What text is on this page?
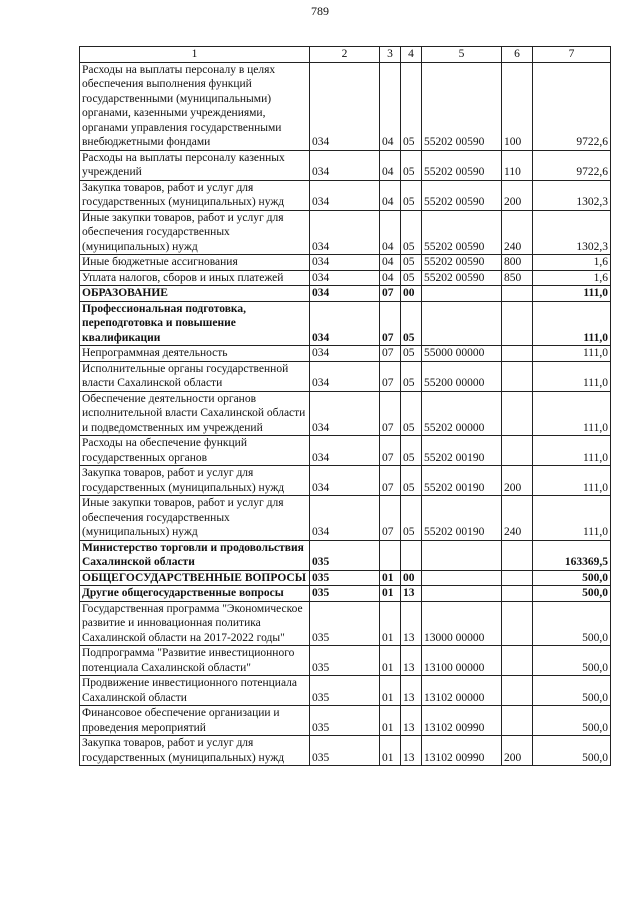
789
1	2	3	4	5	6	7
Расходы на выплаты персоналу в целях обеспечения выполнения функций государственными (муниципальными) органами, казенными учреждениями, органами управления государственными внебюджетными фондами	034	04	05	55202 00590	100	9722,6
Расходы на выплаты персоналу казенных учреждений	034	04	05	55202 00590	110	9722,6
Закупка товаров, работ и услуг для государственных (муниципальных) нужд	034	04	05	55202 00590	200	1302,3
Иные закупки товаров, работ и услуг для обеспечения государственных (муниципальных) нужд	034	04	05	55202 00590	240	1302,3
Иные бюджетные ассигнования	034	04	05	55202 00590	800	1,6
Уплата налогов, сборов и иных платежей	034	04	05	55202 00590	850	1,6
ОБРАЗОВАНИЕ	034	07	00			111,0
Профессиональная подготовка, переподготовка и повышение квалификации	034	07	05			111,0
Непрограммная деятельность	034	07	05	55000 00000		111,0
Исполнительные органы государственной власти Сахалинской области	034	07	05	55200 00000		111,0
Обеспечение деятельности органов исполнительной власти Сахалинской области и подведомственных им учреждений	034	07	05	55202 00000		111,0
Расходы на обеспечение функций государственных органов	034	07	05	55202 00190		111,0
Закупка товаров, работ и услуг для государственных (муниципальных) нужд	034	07	05	55202 00190	200	111,0
Иные закупки товаров, работ и услуг для обеспечения государственных (муниципальных) нужд	034	07	05	55202 00190	240	111,0
Министерство торговли и продовольствия Сахалинской области	035					163369,5
ОБЩЕГОСУДАРСТВЕННЫЕ ВОПРОСЫ	035	01	00			500,0
Другие общегосударственные вопросы	035	01	13			500,0
Государственная программа "Экономическое развитие и инновационная политика Сахалинской области на 2017-2022 годы"	035	01	13	13000 00000		500,0
Подпрограмма "Развитие инвестиционного потенциала Сахалинской области"	035	01	13	13100 00000		500,0
Продвижение инвестиционного потенциала Сахалинской области	035	01	13	13102 00000		500,0
Финансовое обеспечение организации и проведения мероприятий	035	01	13	13102 00990		500,0
Закупка товаров, работ и услуг для государственных (муниципальных) нужд	035	01	13	13102 00990	200	500,0
